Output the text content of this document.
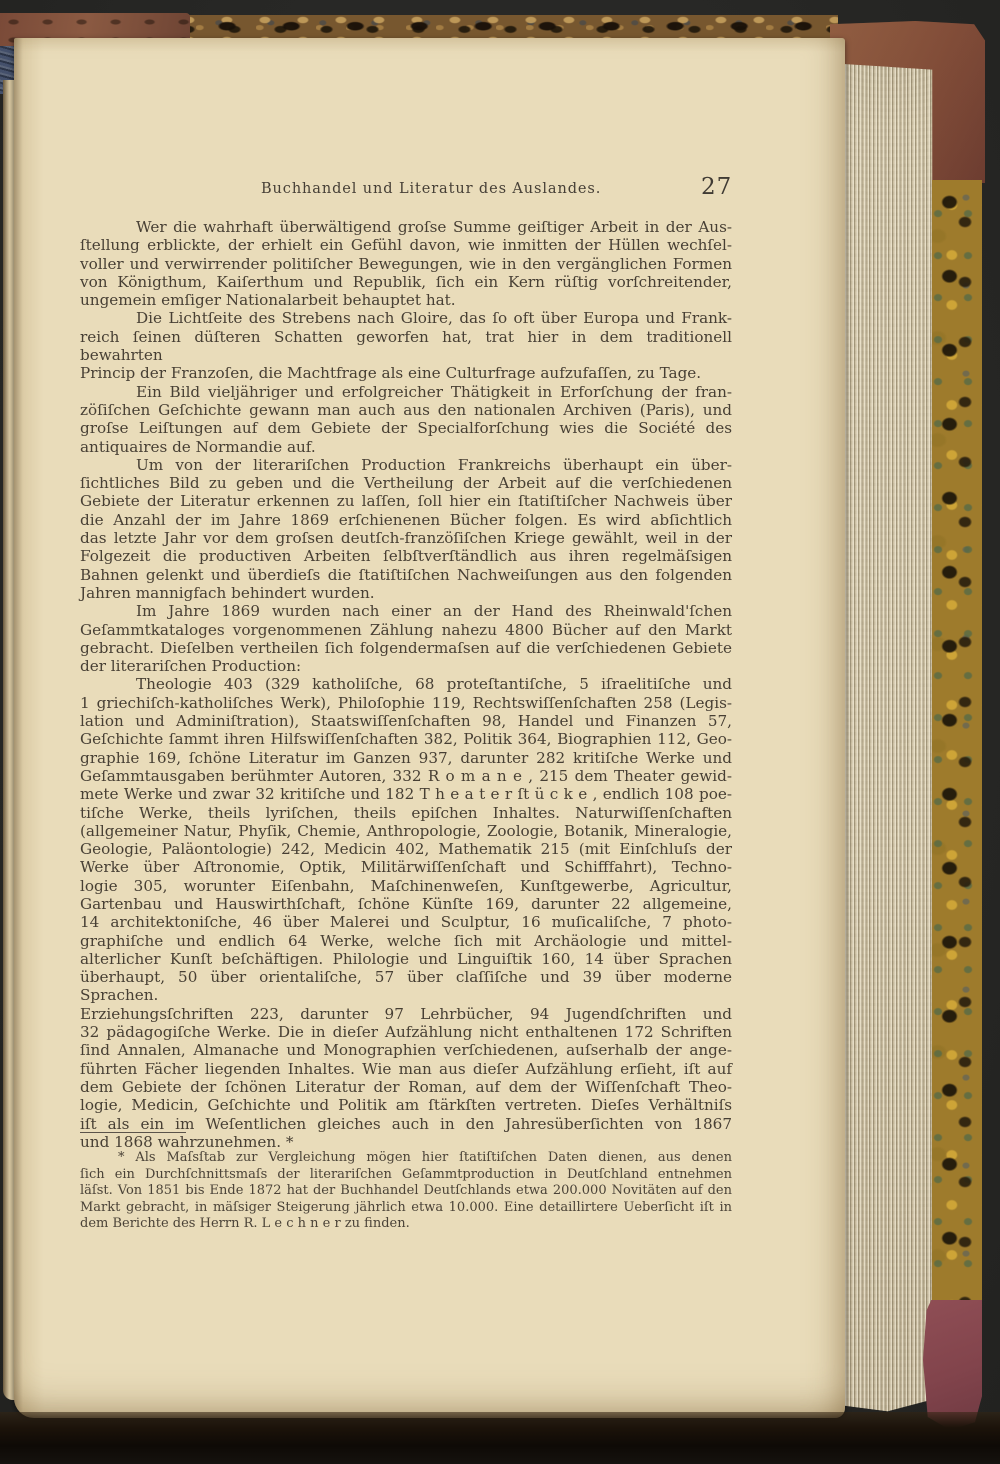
Buchhandel und Literatur des Auslandes.	27
Wer die wahrhaft überwältigend groſse Summe geiſtiger Arbeit in der Aus-
ſtellung erblickte, der erhielt ein Gefühl davon, wie inmitten der Hüllen wechſel-
voller und verwirrender politiſcher Bewegungen, wie in den vergänglichen Formen
von Königthum, Kaiſerthum und Republik, ſich ein Kern rüſtig vorſchreitender,
ungemein emſiger Nationalarbeit behauptet hat.
Die Lichtſeite des Strebens nach Gloire, das ſo oft über Europa und Frank-
reich ſeinen düſteren Schatten geworfen hat, trat hier in dem traditionell bewahrten
Princip der Franzoſen, die Machtfrage als eine Culturfrage aufzufaſſen, zu Tage.
Ein Bild vieljähriger und erfolgreicher Thätigkeit in Erforſchung der fran-
zöſiſchen Geſchichte gewann man auch aus den nationalen Archiven (Paris), und
groſse Leiſtungen auf dem Gebiete der Specialforſchung wies die Société des
antiquaires de Normandie auf.
Um von der literariſchen Production Frankreichs überhaupt ein über-
ſichtliches Bild zu geben und die Vertheilung der Arbeit auf die verſchiedenen
Gebiete der Literatur erkennen zu laſſen, ſoll hier ein ſtatiſtiſcher Nachweis über
die Anzahl der im Jahre 1869 erſchienenen Bücher folgen. Es wird abſichtlich
das letzte Jahr vor dem groſsen deutſch-franzöſiſchen Kriege gewählt, weil in der
Folgezeit die productiven Arbeiten ſelbſtverſtändlich aus ihren regelmäſsigen
Bahnen gelenkt und überdieſs die ſtatiſtiſchen Nachweiſungen aus den folgenden
Jahren mannigfach behindert wurden.
Im Jahre 1869 wurden nach einer an der Hand des Rheinwald'ſchen
Geſammtkataloges vorgenommenen Zählung nahezu 4800 Bücher auf den Markt
gebracht. Dieſelben vertheilen ſich folgendermaſsen auf die verſchiedenen Gebiete
der literariſchen Production:
Theologie 403 (329 katholiſche, 68 proteſtantiſche, 5 iſraelitiſche und
1 griechiſch-katholiſches Werk), Philoſophie 119, Rechtswiſſenſchaften 258 (Legis-
lation und Adminiſtration), Staatswiſſenſchaften 98, Handel und Finanzen 57,
Geſchichte ſammt ihren Hilfswiſſenſchaften 382, Politik 364, Biographien 112, Geo-
graphie 169, ſchöne Literatur im Ganzen 937, darunter 282 kritiſche Werke und
Geſammtausgaben berühmter Autoren, 332 R o m a n e , 215 dem Theater gewid-
mete Werke und zwar 32 kritiſche und 182 T h e a t e r ſt ü c k e , endlich 108 poe-
tiſche Werke, theils lyriſchen, theils epiſchen Inhaltes. Naturwiſſenſchaften
(allgemeiner Natur, Phyſik, Chemie, Anthropologie, Zoologie, Botanik, Mineralogie,
Geologie, Paläontologie) 242, Medicin 402, Mathematik 215 (mit Einſchluſs der
Werke über Aſtronomie, Optik, Militärwiſſenſchaft und Schifffahrt), Techno-
logie 305, worunter Eiſenbahn, Maſchinenweſen, Kunſtgewerbe, Agricultur,
Gartenbau und Hauswirthſchaft, ſchöne Künſte 169, darunter 22 allgemeine,
14 architektoniſche, 46 über Malerei und Sculptur, 16 muſicaliſche, 7 photo-
graphiſche und endlich 64 Werke, welche ſich mit Archäologie und mittel-
alterlicher Kunſt beſchäftigen. Philologie und Linguiſtik 160, 14 über Sprachen
überhaupt, 50 über orientaliſche, 57 über claſſiſche und 39 über moderne Sprachen.
Erziehungsſchriften 223, darunter 97 Lehrbücher, 94 Jugendſchriften und
32 pädagogiſche Werke. Die in dieſer Aufzählung nicht enthaltenen 172 Schriften
ſind Annalen, Almanache und Monographien verſchiedenen, auſserhalb der ange-
führten Fächer liegenden Inhaltes. Wie man aus dieſer Aufzählung erſieht, iſt auf
dem Gebiete der ſchönen Literatur der Roman, auf dem der Wiſſenſchaft Theo-
logie, Medicin, Geſchichte und Politik am ſtärkſten vertreten. Dieſes Verhältniſs
iſt als ein im Weſentlichen gleiches auch in den Jahresüberſichten von 1867
und 1868 wahrzunehmen. *
* Als Maſsſtab zur Vergleichung mögen hier ſtatiſtiſchen Daten dienen, aus denen
ſich ein Durchſchnittsmaſs der literariſchen Geſammtproduction in Deutſchland entnehmen
läſst. Von 1851 bis Ende 1872 hat der Buchhandel Deutſchlands etwa 200.000 Novitäten auf den
Markt gebracht, in mäſsiger Steigerung jährlich etwa 10.000. Eine detaillirtere Ueberſicht iſt in
dem Berichte des Herrn R. L e c h n e r zu finden.
